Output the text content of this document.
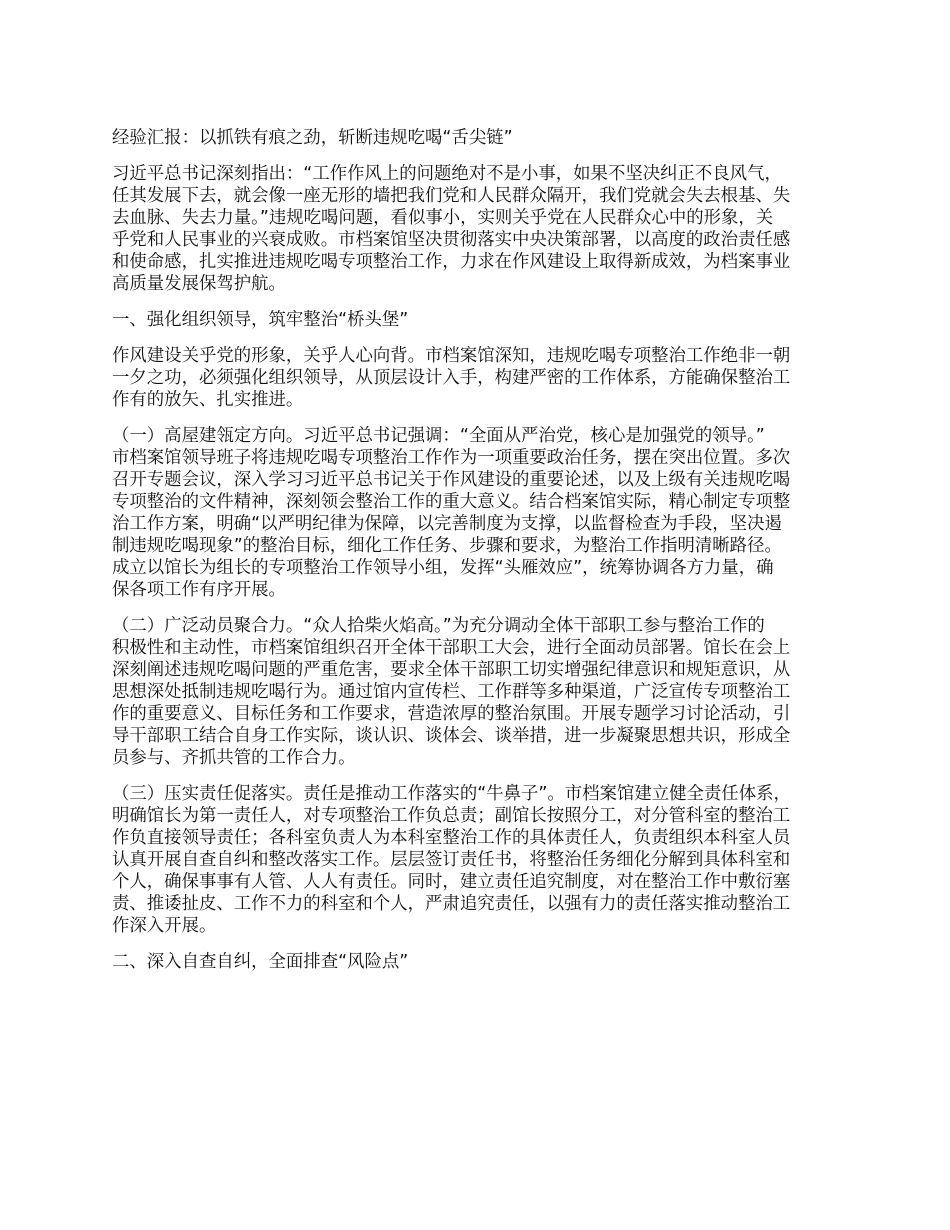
经验汇报：以抓铁有痕之劲，斩断违规吃喝“舌尖链”
习近平总书记深刻指出：“工作作风上的问题绝对不是小事，如果不坚决纠正不良风气，
任其发展下去，就会像一座无形的墙把我们党和人民群众隔开，我们党就会失去根基、失
去血脉、失去力量。”违规吃喝问题，看似事小，实则关乎党在人民群众心中的形象，关
乎党和人民事业的兴衰成败。市档案馆坚决贯彻落实中央决策部署，以高度的政治责任感
和使命感，扎实推进违规吃喝专项整治工作，力求在作风建设上取得新成效，为档案事业
高质量发展保驾护航。
一、强化组织领导，筑牢整治“桥头堡”
作风建设关乎党的形象，关乎人心向背。市档案馆深知，违规吃喝专项整治工作绝非一朝
一夕之功，必须强化组织领导，从顶层设计入手，构建严密的工作体系，方能确保整治工
作有的放矢、扎实推进。
（一）高屋建瓴定方向。习近平总书记强调：“全面从严治党，核心是加强党的领导。”
市档案馆领导班子将违规吃喝专项整治工作作为一项重要政治任务，摆在突出位置。多次
召开专题会议，深入学习习近平总书记关于作风建设的重要论述，以及上级有关违规吃喝
专项整治的文件精神，深刻领会整治工作的重大意义。结合档案馆实际，精心制定专项整
治工作方案，明确“以严明纪律为保障，以完善制度为支撑，以监督检查为手段，坚决遏
制违规吃喝现象”的整治目标，细化工作任务、步骤和要求，为整治工作指明清晰路径。
成立以馆长为组长的专项整治工作领导小组，发挥“头雁效应”，统筹协调各方力量，确
保各项工作有序开展。
（二）广泛动员聚合力。“众人拾柴火焰高。”为充分调动全体干部职工参与整治工作的
积极性和主动性，市档案馆组织召开全体干部职工大会，进行全面动员部署。馆长在会上
深刻阐述违规吃喝问题的严重危害，要求全体干部职工切实增强纪律意识和规矩意识，从
思想深处抵制违规吃喝行为。通过馆内宣传栏、工作群等多种渠道，广泛宣传专项整治工
作的重要意义、目标任务和工作要求，营造浓厚的整治氛围。开展专题学习讨论活动，引
导干部职工结合自身工作实际，谈认识、谈体会、谈举措，进一步凝聚思想共识，形成全
员参与、齐抓共管的工作合力。
（三）压实责任促落实。责任是推动工作落实的“牛鼻子”。市档案馆建立健全责任体系，
明确馆长为第一责任人，对专项整治工作负总责；副馆长按照分工，对分管科室的整治工
作负直接领导责任；各科室负责人为本科室整治工作的具体责任人，负责组织本科室人员
认真开展自查自纠和整改落实工作。层层签订责任书，将整治任务细化分解到具体科室和
个人，确保事事有人管、人人有责任。同时，建立责任追究制度，对在整治工作中敷衍塞
责、推诿扯皮、工作不力的科室和个人，严肃追究责任，以强有力的责任落实推动整治工
作深入开展。
二、深入自查自纠，全面排查“风险点”
